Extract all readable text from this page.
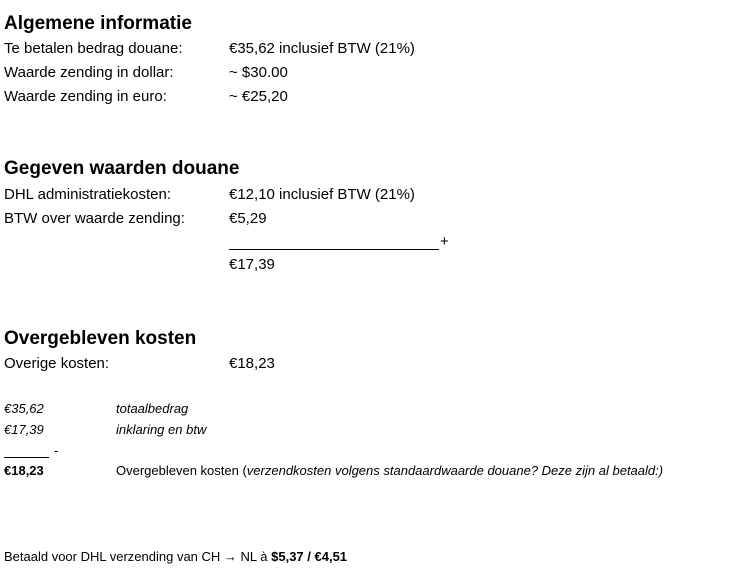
Algemene informatie
Te betalen bedrag douane:	€35,62 inclusief BTW (21%)
Waarde zending in dollar:	~ $30.00
Waarde zending in euro:	~ €25,20
Gegeven waarden douane
DHL administratiekosten:	€12,10 inclusief BTW (21%)
BTW over waarde zending:	€5,29
+
€17,39
Overgebleven kosten
Overige kosten:	€18,23
€35,62	totaalbedrag
€17,39	inklaring en btw
-
€18,23	Overgebleven kosten (verzendkosten volgens standaardwaarde douane? Deze zijn al betaald:)
Betaald voor DHL verzending van CH → NL à $5,37 / €4,51
